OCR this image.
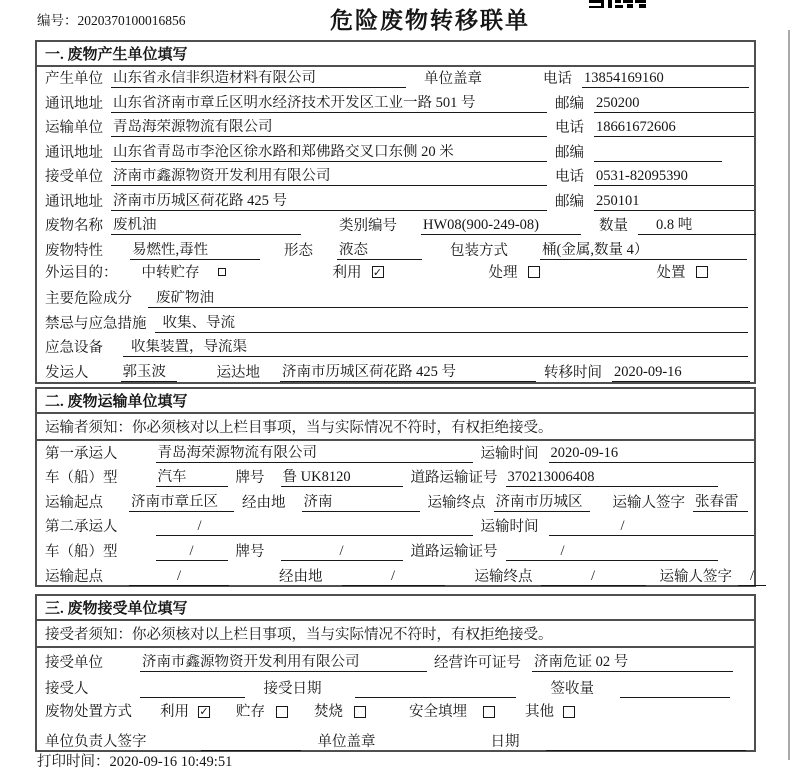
编号：2020370100016856	危险废物转移联单
一. 废物产生单位填写
产生单位 山东省永信非织造材料有限公司	单位盖章	电话 13854169160
通讯地址 山东省济南市章丘区明水经济技术开发区工业一路 501 号	邮编 250200
运输单位 青岛海荣源物流有限公司	电话 18661672606
通讯地址 山东省青岛市李沧区徐水路和郑佛路交叉口东侧 20 米	邮编
接受单位 济南市鑫源物资开发利用有限公司	电话 0531-82095390
通讯地址 济南市历城区荷花路 425 号	邮编 250101
废物名称 废机油	类别编号 HW08(900-249-08)	数量	0.8 吨
废物特性 易燃性,毒性	形态 液态	包装方式 桶(金属,数量 4）
外运目的： 中转贮存	利用 ✓	处理	处置
主要危险成分	废矿物油
禁忌与应急措施	收集、导流
应急设备	收集装置，导流渠
发运人 郭玉波	运达地 济南市历城区荷花路 425 号	转移时间 2020-09-16
二. 废物运输单位填写
运输者须知：你必须核对以上栏目事项，当与实际情况不符时，有权拒绝接受。
第一承运人	青岛海荣源物流有限公司	运输时间 2020-09-16
车（船）型	汽车	牌号 鲁 UK8120	道路运输证号 370213006408
运输起点 济南市章丘区	经由地 济南	运输终点 济南市历城区	运输人签字 张春雷
第二承运人	/	运输时间	/
车（船）型	/	牌号	/	道路运输证号	/
运输起点	/	经由地	/	运输终点	/	运输人签字	/
三. 废物接受单位填写
接受者须知：你必须核对以上栏目事项，当与实际情况不符时，有权拒绝接受。
接受单位	济南市鑫源物资开发利用有限公司	经营许可证号 济南危证 02 号
接受人	接受日期	签收量
废物处置方式 利用 ✓ 贮存	焚烧	安全填埋	其他
单位负责人签字	单位盖章	日期
打印时间：2020-09-16 10:49:51
